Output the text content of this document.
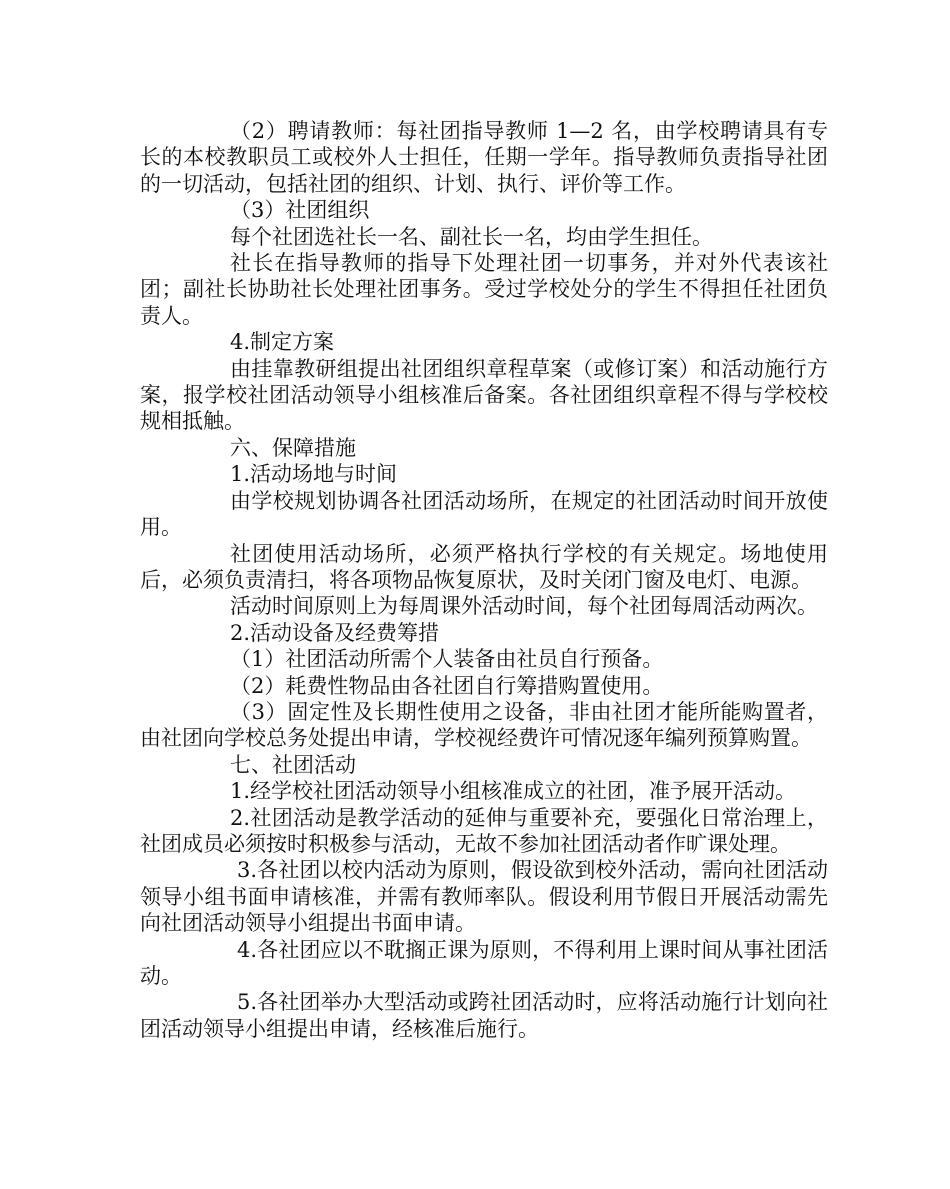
（2）聘请教师：每社团指导教师 1—2 名，由学校聘请具有专长的本校教职员工或校外人士担任，任期一学年。指导教师负责指导社团的一切活动，包括社团的组织、计划、执行、评价等工作。

（3）社团组织

每个社团选社长一名、副社长一名，均由学生担任。

社长在指导教师的指导下处理社团一切事务，并对外代表该社团；副社长协助社长处理社团事务。受过学校处分的学生不得担任社团负责人。

4.制定方案

由挂靠教研组提出社团组织章程草案（或修订案）和活动施行方案，报学校社团活动领导小组核准后备案。各社团组织章程不得与学校校规相抵触。

六、保障措施

1.活动场地与时间

由学校规划协调各社团活动场所，在规定的社团活动时间开放使用。

社团使用活动场所，必须严格执行学校的有关规定。场地使用后，必须负责清扫，将各项物品恢复原状，及时关闭门窗及电灯、电源。

活动时间原则上为每周课外活动时间，每个社团每周活动两次。

2.活动设备及经费筹措

（1）社团活动所需个人装备由社员自行预备。

（2）耗费性物品由各社团自行筹措购置使用。

（3）固定性及长期性使用之设备，非由社团才能所能购置者，由社团向学校总务处提出申请，学校视经费许可情况逐年编列预算购置。

七、社团活动

1.经学校社团活动领导小组核准成立的社团，准予展开活动。

2.社团活动是教学活动的延伸与重要补充，要强化日常治理上，社团成员必须按时积极参与活动，无故不参加社团活动者作旷课处理。

3.各社团以校内活动为原则，假设欲到校外活动，需向社团活动领导小组书面申请核准，并需有教师率队。假设利用节假日开展活动需先向社团活动领导小组提出书面申请。

4.各社团应以不耽搁正课为原则，不得利用上课时间从事社团活动。

5.各社团举办大型活动或跨社团活动时，应将活动施行计划向社团活动领导小组提出申请，经核准后施行。
